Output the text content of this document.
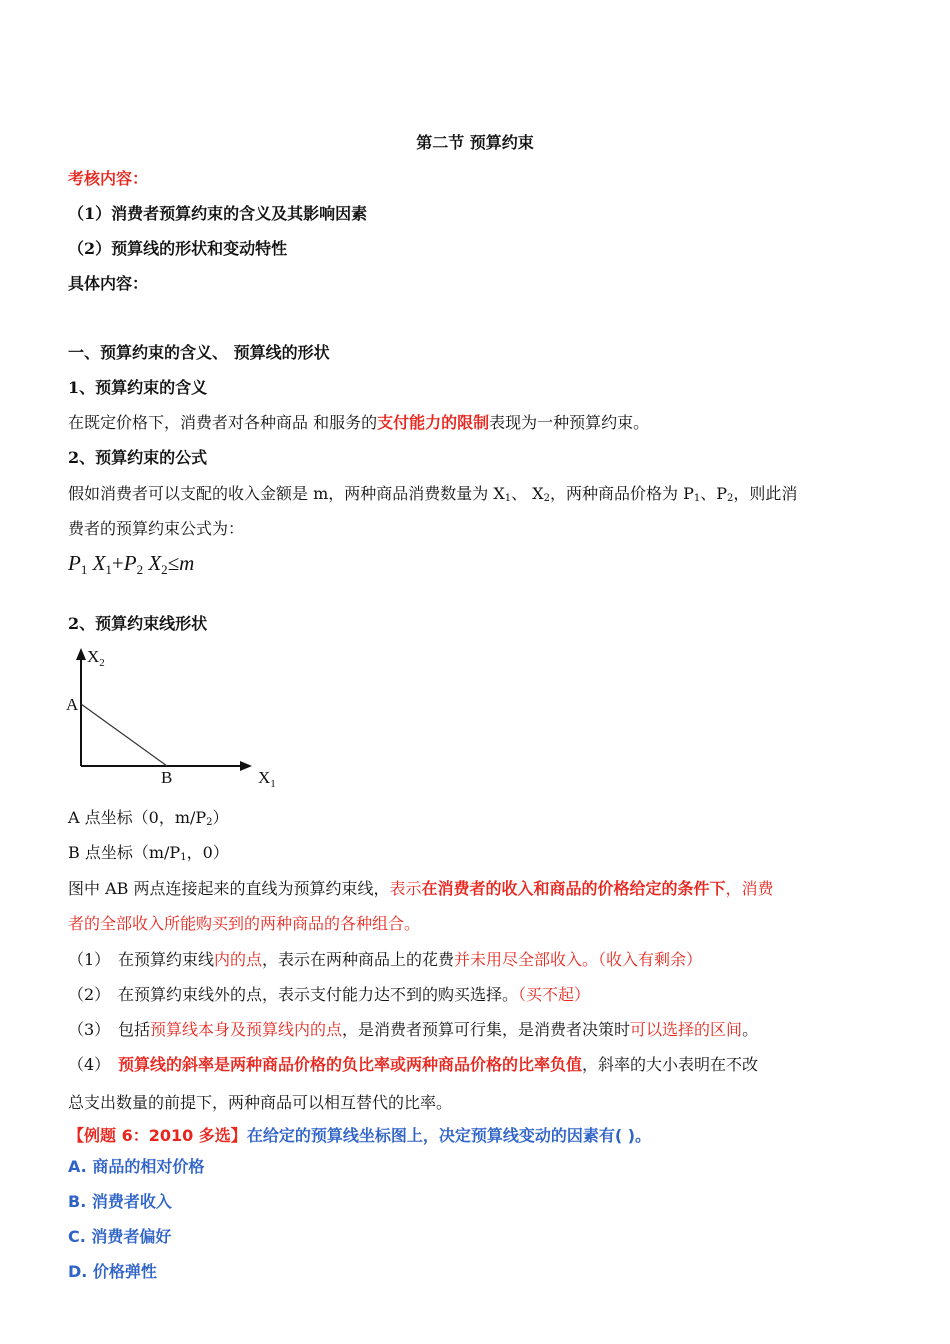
第二节 预算约束
考核内容：
（1）消费者预算约束的含义及其影响因素
（2）预算线的形状和变动特性
具体内容：
一、预算约束的含义、 预算线的形状
1、预算约束的含义
在既定价格下，消费者对各种商品 和服务的支付能力的限制表现为一种预算约束。
2、预算约束的公式
假如消费者可以支配的收入金额是 m，两种商品消费数量为 $X_1$、 $X_2$，两种商品价格为 $P_1$、$P_2$，则此消
费者的预算约束公式为：
$P_1$ $X_1+P_2$ $X_2\le m$
2、预算约束线形状
$X_2$
$X_1$
A
B
A 点坐标（0，$m/P_2$）
B 点坐标（$m/P_1$，0）
图中 AB 两点连接起来的直线为预算约束线，表示在消费者的收入和商品的价格给定的条件下，消费
者的全部收入所能购买到的两种商品的各种组合。
（1） 在预算约束线内的点，表示在两种商品上的花费并未用尽全部收入。（收入有剩余）
（2） 在预算约束线外的点，表示支付能力达不到的购买选择。（买不起）
（3） 包括预算线本身及预算线内的点，是消费者预算可行集，是消费者决策时可以选择的区间。
（4） 预算线的斜率是两种商品价格的负比率或两种商品价格的比率负值，斜率的大小表明在不改
总支出数量的前提下，两种商品可以相互替代的比率。
【例题 6：2010 多选】在给定的预算线坐标图上，决定预算线变动的因素有( )。
A. 商品的相对价格
B. 消费者收入
C. 消费者偏好
D. 价格弹性
